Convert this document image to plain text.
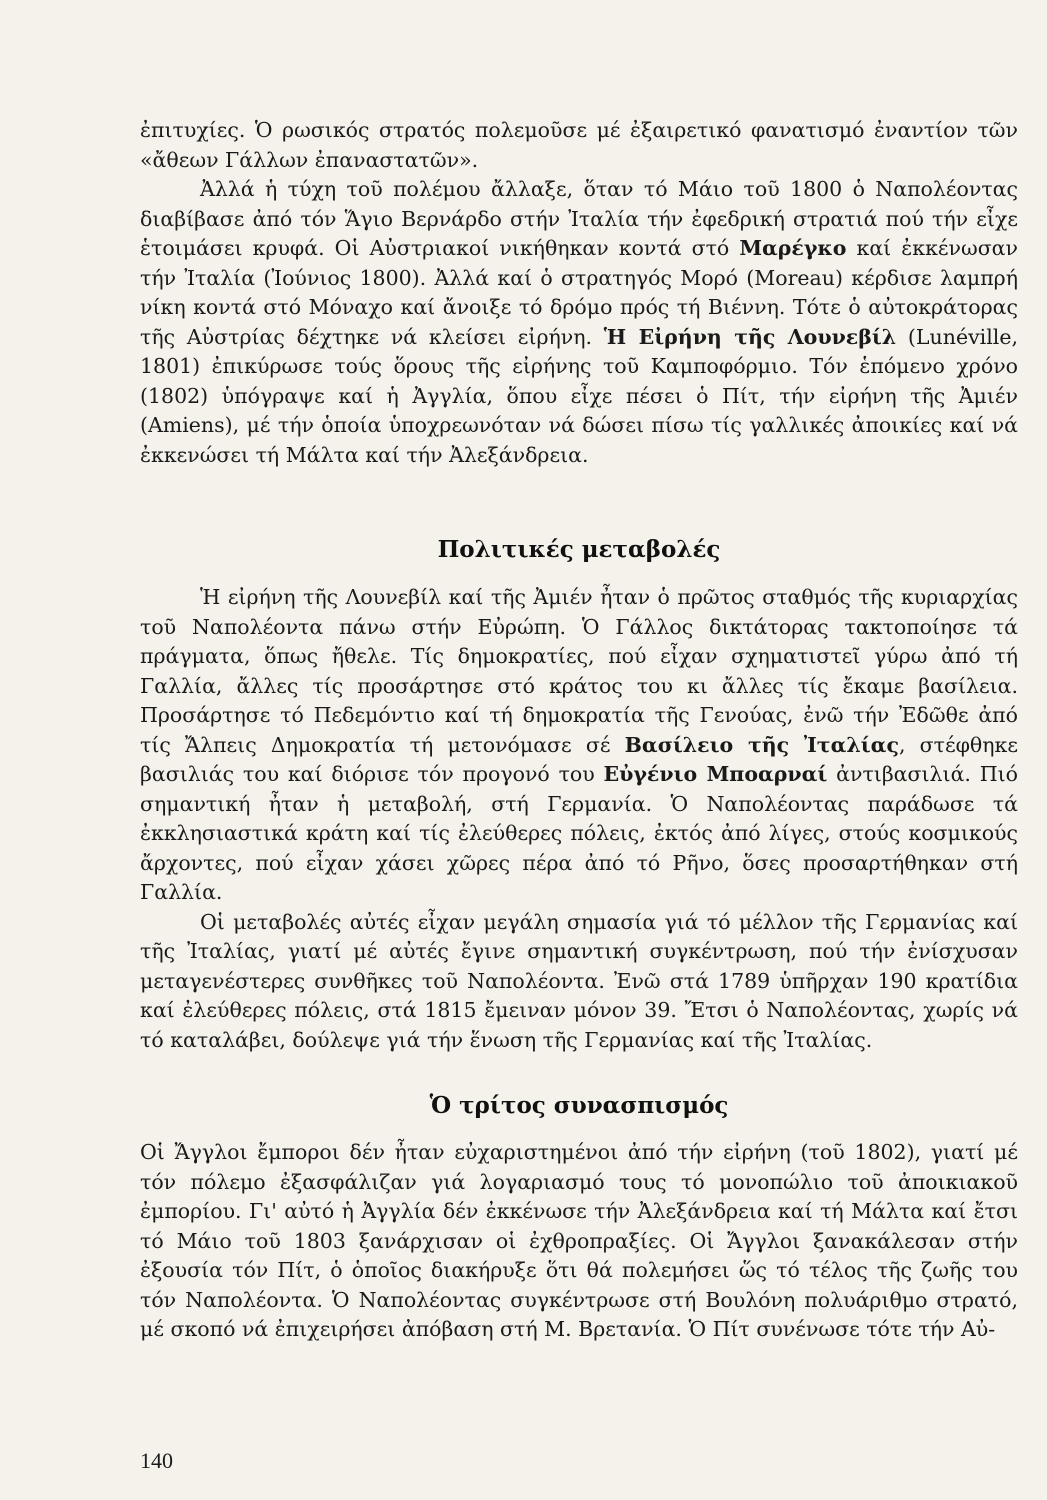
ἐπιτυχίες. Ὁ ρωσικός στρατός πολεμοῦσε μέ ἐξαιρετικό φανατισμό ἐναντίον τῶν «ἄθεων Γάλλων ἐπαναστατῶν».

Ἀλλά ἡ τύχη τοῦ πολέμου ἄλλαξε, ὅταν τό Μάιο τοῦ 1800 ὁ Ναπολέοντας διαβίβασε ἀπό τόν Ἅγιο Βερνάρδο στήν Ἰταλία τήν ἐφεδρική στρατιά πού τήν εἶχε ἑτοιμάσει κρυφά. Οἱ Αὐστριακοί νικήθηκαν κοντά στό Μαρέγκο καί ἐκκένωσαν τήν Ἰταλία (Ἰούνιος 1800). Ἀλλά καί ὁ στρατηγός Μορό (Moreau) κέρδισε λαμπρή νίκη κοντά στό Μόναχο καί ἄνοιξε τό δρόμο πρός τή Βιέννη. Τότε ὁ αὐτοκράτορας τῆς Αὐστρίας δέχτηκε νά κλείσει εἰρήνη. Ἡ Εἰρήνη τῆς Λουνεβίλ (Lunéville, 1801) ἐπικύρωσε τούς ὅρους τῆς εἰρήνης τοῦ Καμποφόρμιο. Τόν ἑπόμενο χρόνο (1802) ὑπόγραψε καί ἡ Ἀγγλία, ὅπου εἶχε πέσει ὁ Πίτ, τήν εἰρήνη τῆς Ἀμιέν (Amiens), μέ τήν ὁποία ὑποχρεωνόταν νά δώσει πίσω τίς γαλλικές ἀποικίες καί νά ἐκκενώσει τή Μάλτα καί τήν Ἀλεξάνδρεια.

Πολιτικές μεταβολές

Ἡ εἰρήνη τῆς Λουνεβίλ καί τῆς Ἀμιέν ἦταν ὁ πρῶτος σταθμός τῆς κυριαρχίας τοῦ Ναπολέοντα πάνω στήν Εὐρώπη. Ὁ Γάλλος δικτάτορας τακτοποίησε τά πράγματα, ὅπως ἤθελε. Τίς δημοκρατίες, πού εἶχαν σχηματιστεῖ γύρω ἀπό τή Γαλλία, ἄλλες τίς προσάρτησε στό κράτος του κι ἄλλες τίς ἔκαμε βασίλεια. Προσάρτησε τό Πεδεμόντιο καί τή δημοκρατία τῆς Γενούας, ἐνῶ τήν Ἐδῶθε ἀπό τίς Ἄλπεις Δημοκρατία τή μετονόμασε σέ Βασίλειο τῆς Ἰταλίας, στέφθηκε βασιλιάς του καί διόρισε τόν προγονό του Εὐγένιο Μποαρναί ἀντιβασιλιά. Πιό σημαντική ἦταν ἡ μεταβολή, στή Γερμανία. Ὁ Ναπολέοντας παράδωσε τά ἐκκλησιαστικά κράτη καί τίς ἐλεύθερες πόλεις, ἐκτός ἀπό λίγες, στούς κοσμικούς ἄρχοντες, πού εἶχαν χάσει χῶρες πέρα ἀπό τό Ρῆνο, ὅσες προσαρτήθηκαν στή Γαλλία.

Οἱ μεταβολές αὐτές εἶχαν μεγάλη σημασία γιά τό μέλλον τῆς Γερμανίας καί τῆς Ἰταλίας, γιατί μέ αὐτές ἔγινε σημαντική συγκέντρωση, πού τήν ἐνίσχυσαν μεταγενέστερες συνθῆκες τοῦ Ναπολέοντα. Ἐνῶ στά 1789 ὑπῆρχαν 190 κρατίδια καί ἐλεύθερες πόλεις, στά 1815 ἔμειναν μόνον 39. Ἔτσι ὁ Ναπολέοντας, χωρίς νά τό καταλάβει, δούλεψε γιά τήν ἕνωση τῆς Γερμανίας καί τῆς Ἰταλίας.

Ὁ τρίτος συνασπισμός

Οἱ Ἄγγλοι ἔμποροι δέν ἦταν εὐχαριστημένοι ἀπό τήν εἰρήνη (τοῦ 1802), γιατί μέ τόν πόλεμο ἐξασφάλιζαν γιά λογαριασμό τους τό μονοπώλιο τοῦ ἀποικιακοῦ ἐμπορίου. Γι' αὐτό ἡ Ἀγγλία δέν ἐκκένωσε τήν Ἀλεξάνδρεια καί τή Μάλτα καί ἔτσι τό Μάιο τοῦ 1803 ξανάρχισαν οἱ ἐχθροπραξίες. Οἱ Ἄγγλοι ξανακάλεσαν στήν ἐξουσία τόν Πίτ, ὁ ὁποῖος διακήρυξε ὅτι θά πολεμήσει ὥς τό τέλος τῆς ζωῆς του τόν Ναπολέοντα. Ὁ Ναπολέοντας συγκέντρωσε στή Βουλόνη πολυάριθμο στρατό, μέ σκοπό νά ἐπιχειρήσει ἀπόβαση στή Μ. Βρετανία. Ὁ Πίτ συνένωσε τότε τήν Αὐ-

140
